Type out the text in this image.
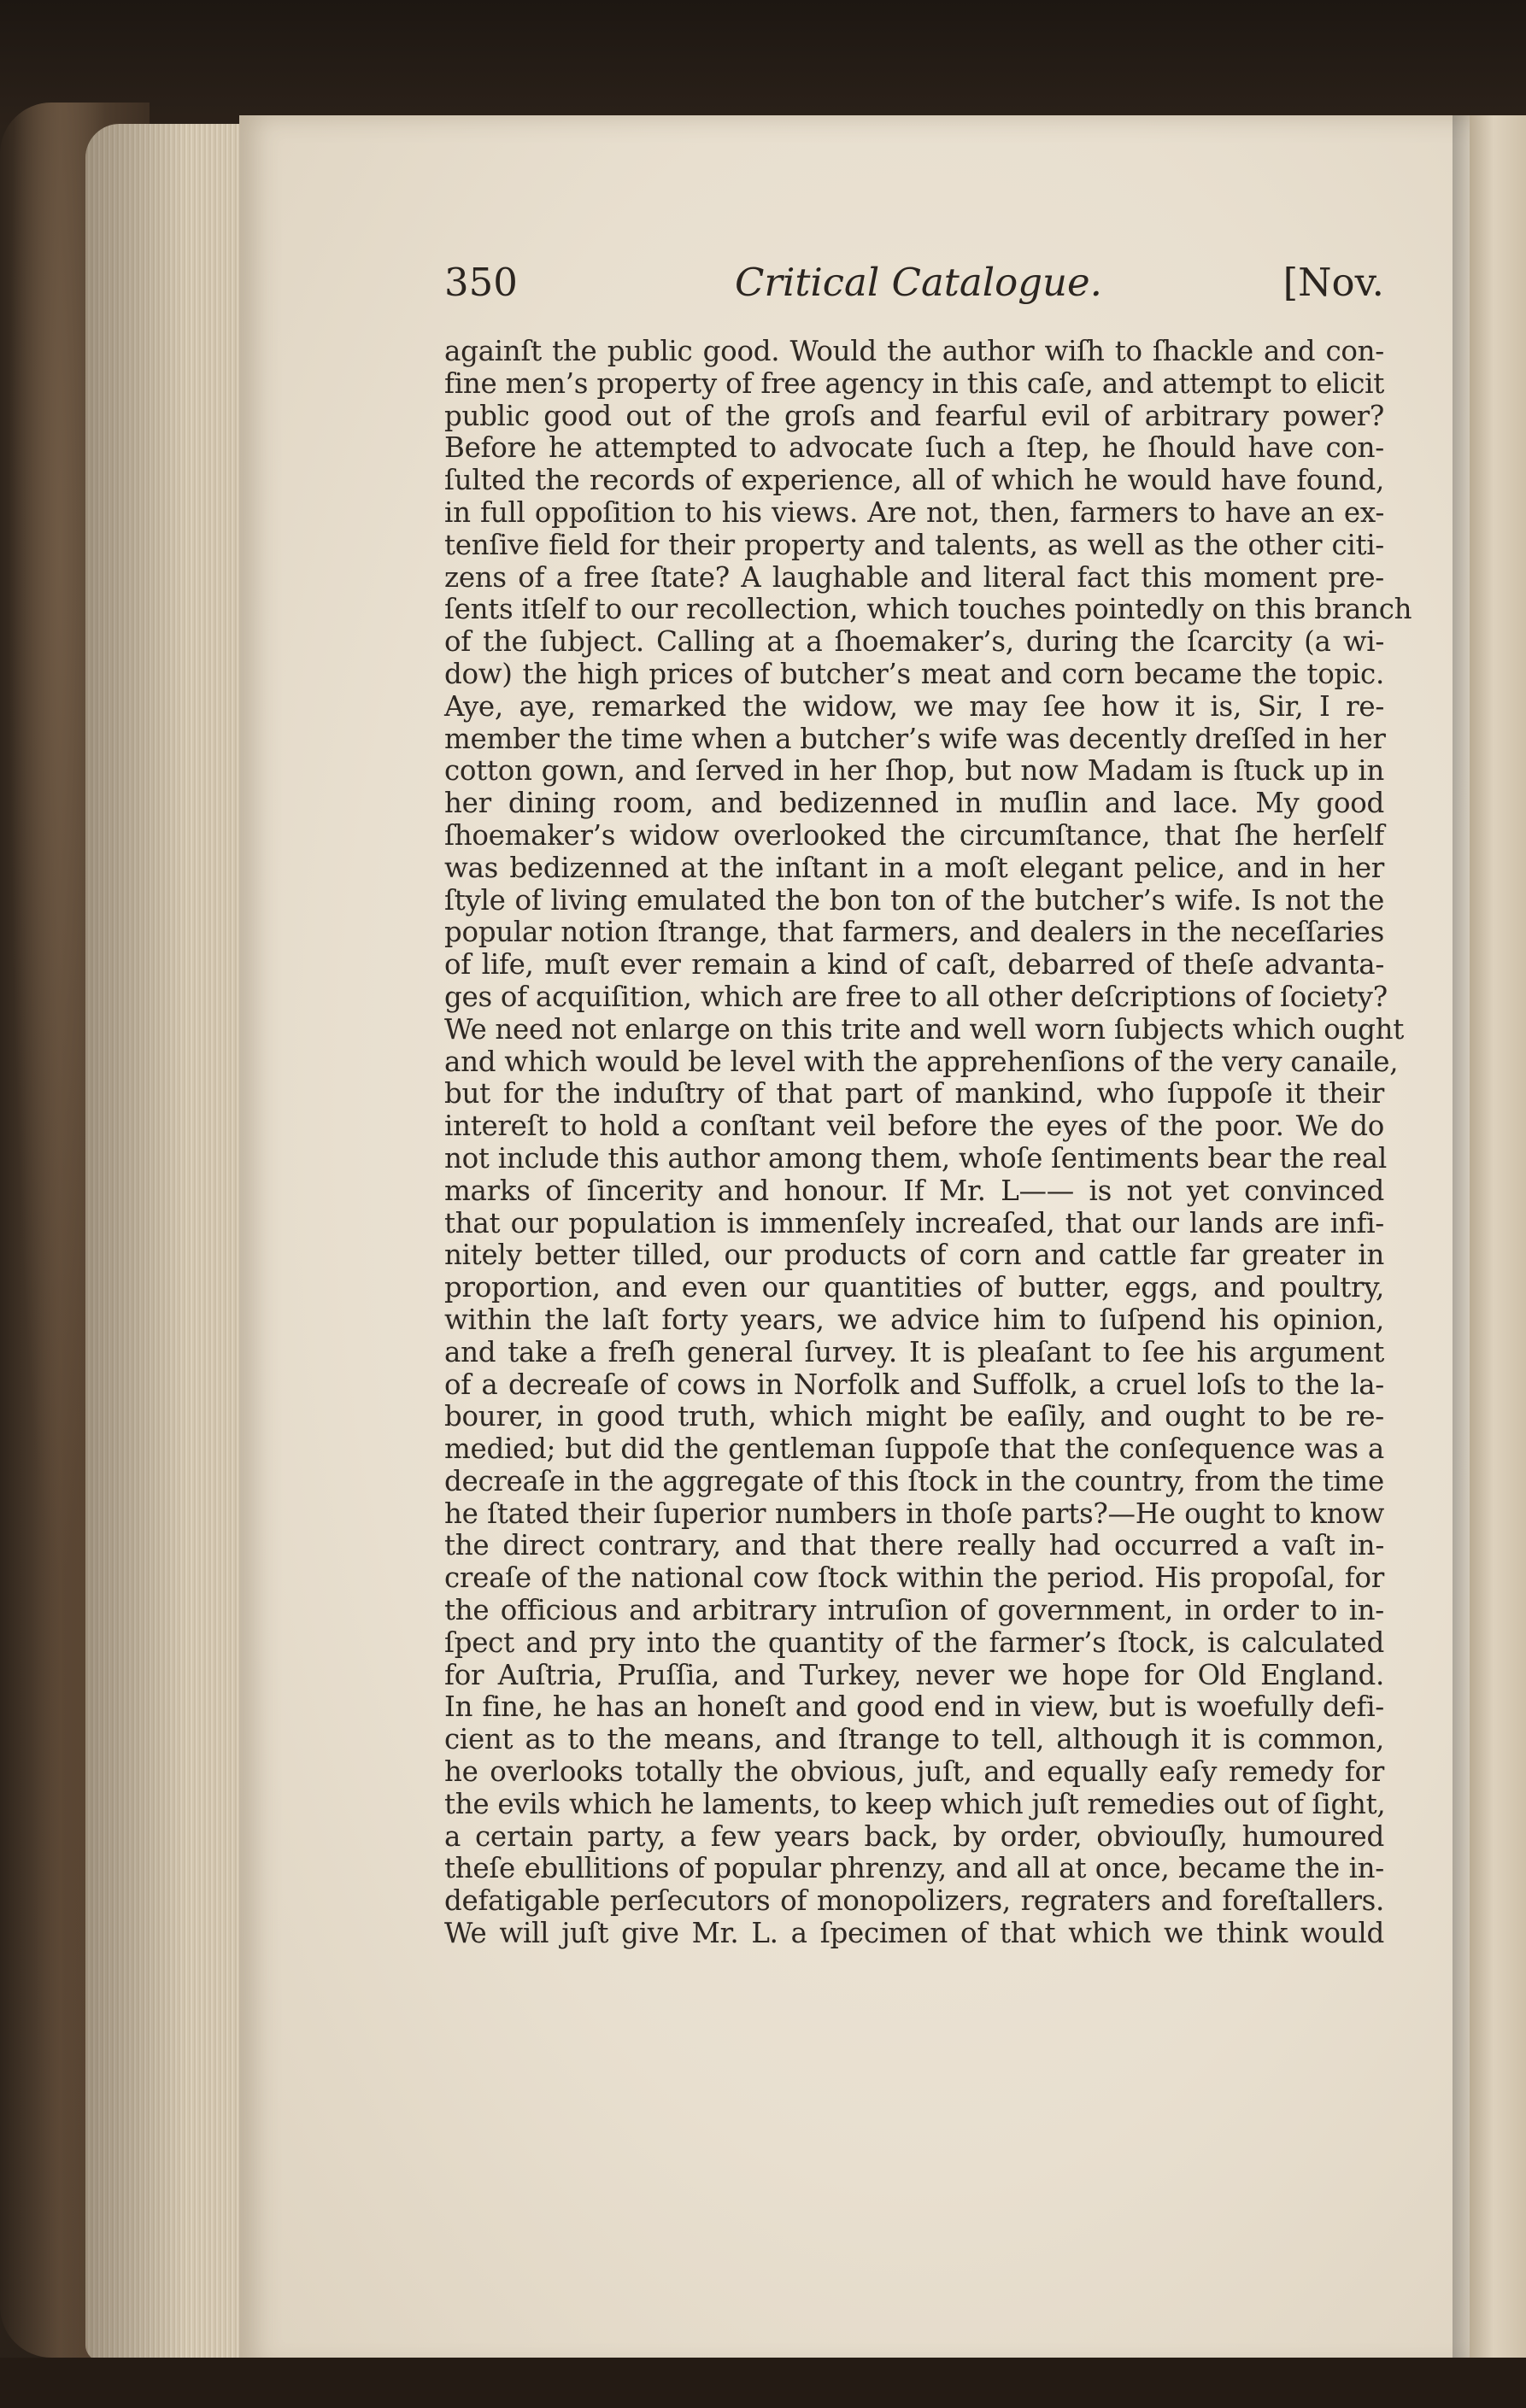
350	Critical Catalogue.	[Nov.
againſt the public good. Would the author wiſh to ſhackle and con-
fine men’s property of free agency in this caſe, and attempt to elicit
public good out of the groſs and fearful evil of arbitrary power?
Before he attempted to advocate ſuch a ſtep, he ſhould have con-
ſulted the records of experience, all of which he would have found,
in full oppoſition to his views. Are not, then, farmers to have an ex-
tenſive field for their property and talents, as well as the other citi-
zens of a free ſtate? A laughable and literal fact this moment pre-
ſents itſelf to our recollection, which touches pointedly on this branch
of the ſubject. Calling at a ſhoemaker’s, during the ſcarcity (a wi-
dow) the high prices of butcher’s meat and corn became the topic.
Aye, aye, remarked the widow, we may ſee how it is, Sir, I re-
member the time when a butcher’s wife was decently dreſſed in her
cotton gown, and ſerved in her ſhop, but now Madam is ſtuck up in
her dining room, and bedizenned in muſlin and lace. My good
ſhoemaker’s widow overlooked the circumſtance, that ſhe herſelf
was bedizenned at the inſtant in a moſt elegant pelice, and in her
ſtyle of living emulated the bon ton of the butcher’s wife. Is not the
popular notion ſtrange, that farmers, and dealers in the neceſſaries
of life, muſt ever remain a kind of caſt, debarred of theſe advanta-
ges of acquiſition, which are free to all other deſcriptions of ſociety?
We need not enlarge on this trite and well worn ſubjects which ought
and which would be level with the apprehenſions of the very canaile,
but for the induſtry of that part of mankind, who ſuppoſe it their
intereſt to hold a conſtant veil before the eyes of the poor. We do
not include this author among them, whoſe ſentiments bear the real
marks of ſincerity and honour. If Mr. L—— is not yet convinced
that our population is immenſely increaſed, that our lands are infi-
nitely better tilled, our products of corn and cattle far greater in
proportion, and even our quantities of butter, eggs, and poultry,
within the laſt forty years, we advice him to ſuſpend his opinion,
and take a freſh general ſurvey. It is pleaſant to ſee his argument
of a decreaſe of cows in Norfolk and Suffolk, a cruel loſs to the la-
bourer, in good truth, which might be eaſily, and ought to be re-
medied; but did the gentleman ſuppoſe that the conſequence was a
decreaſe in the aggregate of this ſtock in the country, from the time
he ſtated their ſuperior numbers in thoſe parts?—He ought to know
the direct contrary, and that there really had occurred a vaſt in-
creaſe of the national cow ſtock within the period. His propoſal, for
the officious and arbitrary intruſion of government, in order to in-
ſpect and pry into the quantity of the farmer’s ſtock, is calculated
for Auſtria, Pruſſia, and Turkey, never we hope for Old England.
In fine, he has an honeſt and good end in view, but is woefully defi-
cient as to the means, and ſtrange to tell, although it is common,
he overlooks totally the obvious, juſt, and equally eaſy remedy for
the evils which he laments, to keep which juſt remedies out of ſight,
a certain party, a few years back, by order, obviouſly, humoured
theſe ebullitions of popular phrenzy, and all at once, became the in-
defatigable perſecutors of monopolizers, regraters and foreſtallers.
We will juſt give Mr. L. a ſpecimen of that which we think would
